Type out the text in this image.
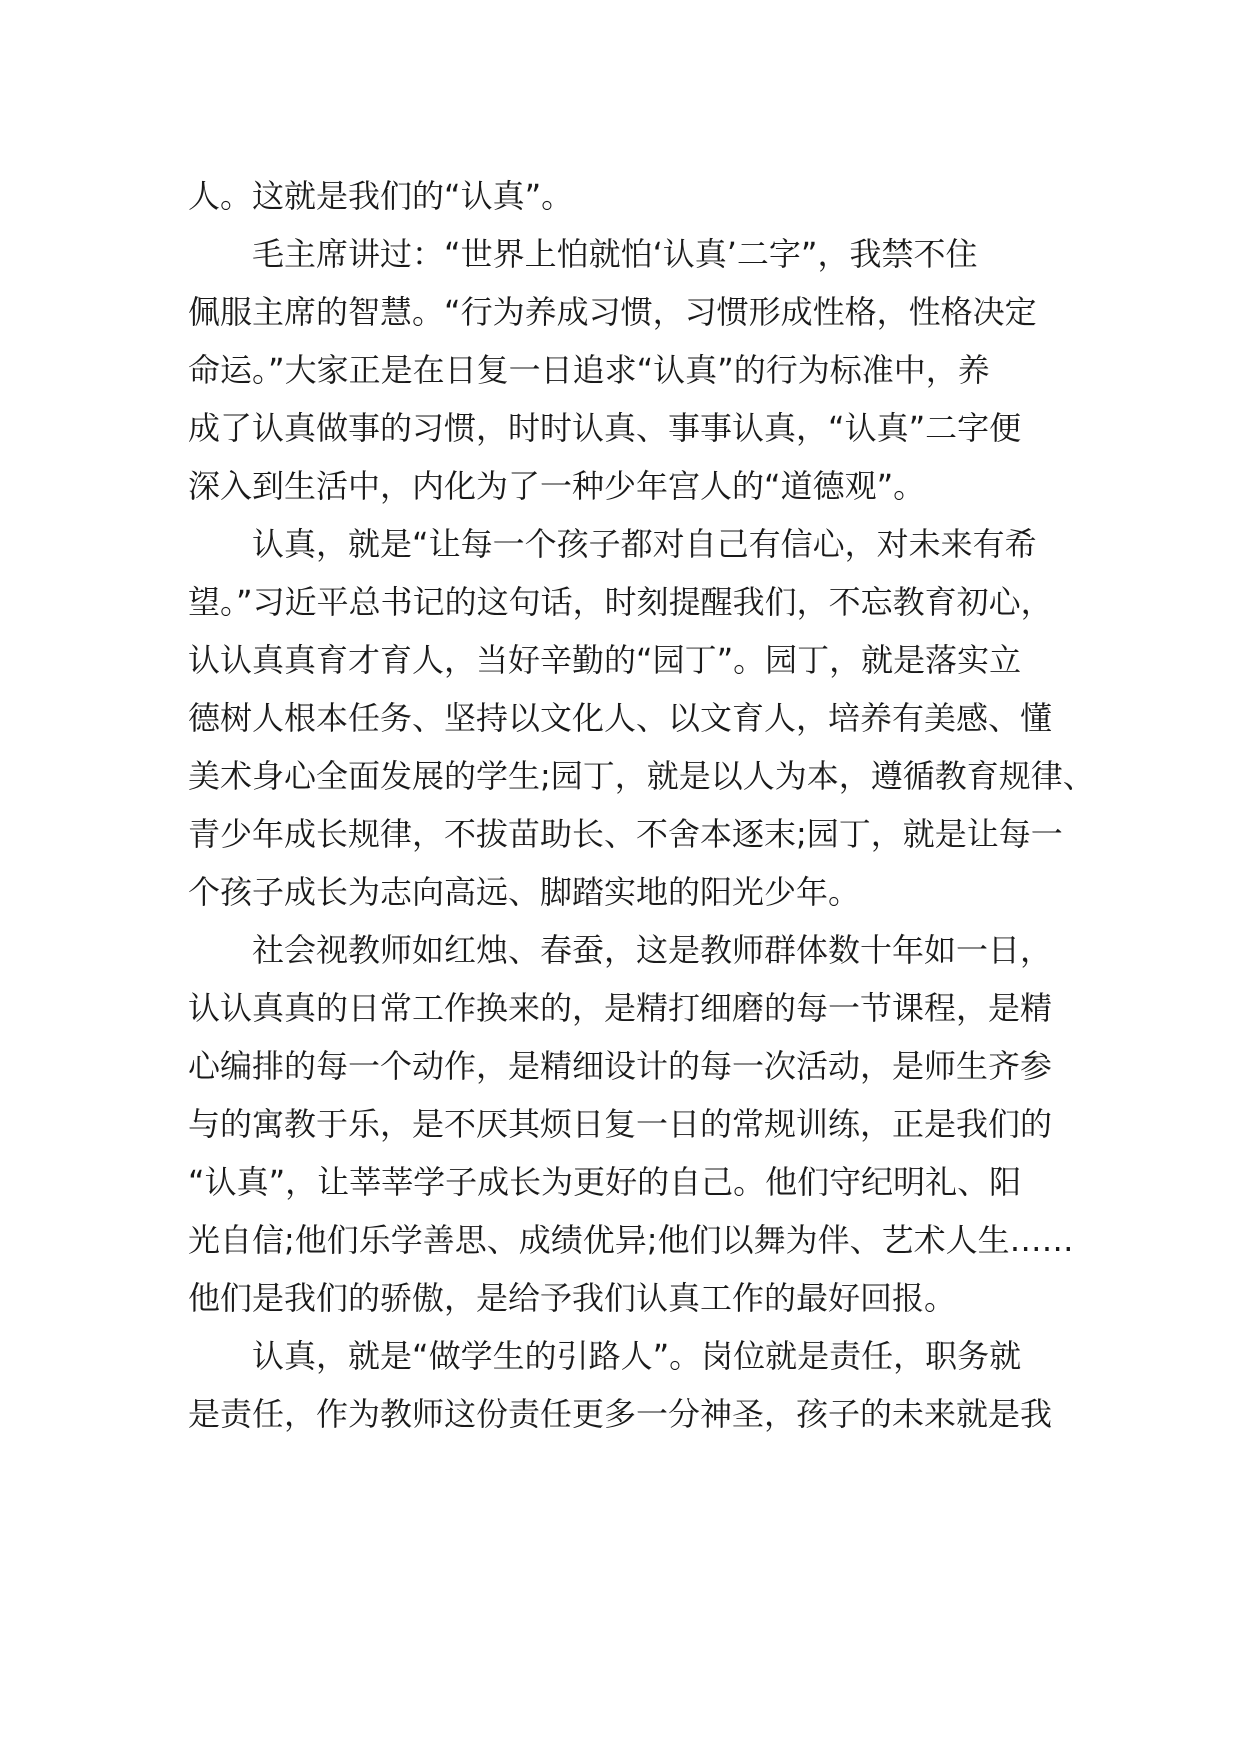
人。这就是我们的“认真”。

毛主席讲过：“世界上怕就怕‘认真’二字”，我禁不住

佩服主席的智慧。“行为养成习惯，习惯形成性格，性格决定

命运。”大家正是在日复一日追求“认真”的行为标准中，养

成了认真做事的习惯，时时认真、事事认真，“认真”二字便

深入到生活中，内化为了一种少年宫人的“道德观”。

认真，就是“让每一个孩子都对自己有信心，对未来有希

望。”习近平总书记的这句话，时刻提醒我们，不忘教育初心，

认认真真育才育人，当好辛勤的“园丁”。园丁，就是落实立

德树人根本任务、坚持以文化人、以文育人，培养有美感、懂

美术身心全面发展的学生;园丁，就是以人为本，遵循教育规律、

青少年成长规律，不拔苗助长、不舍本逐末;园丁，就是让每一

个孩子成长为志向高远、脚踏实地的阳光少年。

社会视教师如红烛、春蚕，这是教师群体数十年如一日，

认认真真的日常工作换来的，是精打细磨的每一节课程，是精

心编排的每一个动作，是精细设计的每一次活动，是师生齐参

与的寓教于乐，是不厌其烦日复一日的常规训练，正是我们的

“认真”，让莘莘学子成长为更好的自己。他们守纪明礼、阳

光自信;他们乐学善思、成绩优异;他们以舞为伴、艺术人生……

他们是我们的骄傲，是给予我们认真工作的最好回报。

认真，就是“做学生的引路人”。岗位就是责任，职务就

是责任，作为教师这份责任更多一分神圣，孩子的未来就是我
